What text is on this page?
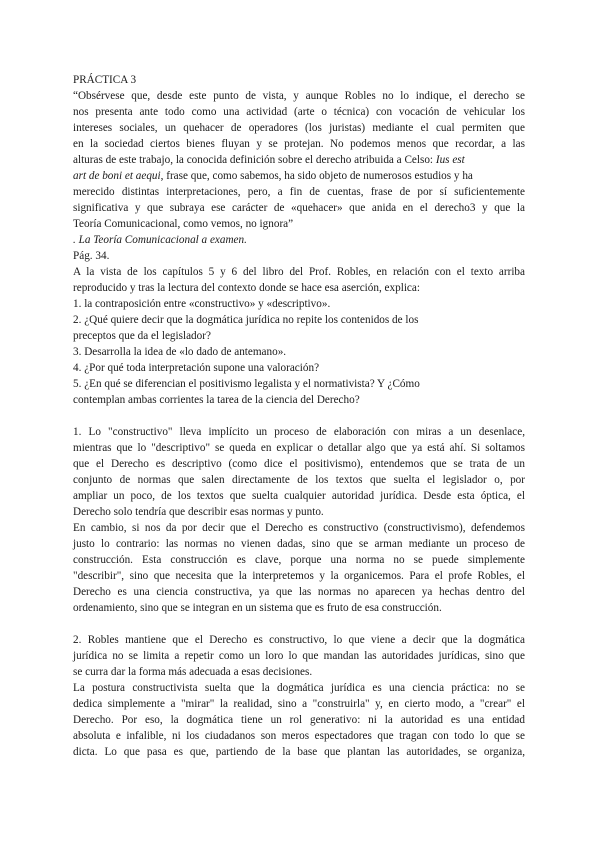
PRÁCTICA 3
“Obsérvese que, desde este punto de vista, y aunque Robles no lo indique, el derecho se
nos presenta ante todo como una actividad (arte o técnica) con vocación de vehicular los
intereses sociales, un quehacer de operadores (los juristas) mediante el cual permiten que
en la sociedad ciertos bienes fluyan y se protejan. No podemos menos que recordar, a las
alturas de este trabajo, la conocida definición sobre el derecho atribuida a Celso: Ius est
art de boni et aequi, frase que, como sabemos, ha sido objeto de numerosos estudios y ha
merecido distintas interpretaciones, pero, a fin de cuentas, frase de por sí suficientemente
significativa y que subraya ese carácter de «quehacer» que anida en el derecho3 y que la
Teoría Comunicacional, como vemos, no ignora”
. La Teoría Comunicacional a examen.
Pág. 34.
A la vista de los capítulos 5 y 6 del libro del Prof. Robles, en relación con el texto arriba
reproducido y tras la lectura del contexto donde se hace esa aserción, explica:
1. la contraposición entre «constructivo» y «descriptivo».
2. ¿Qué quiere decir que la dogmática jurídica no repite los contenidos de los
preceptos que da el legislador?
3. Desarrolla la idea de «lo dado de antemano».
4. ¿Por qué toda interpretación supone una valoración?
5. ¿En qué se diferencian el positivismo legalista y el normativista? Y ¿Cómo
contemplan ambas corrientes la tarea de la ciencia del Derecho?
1. Lo "constructivo" lleva implícito un proceso de elaboración con miras a un desenlace,
mientras que lo "descriptivo" se queda en explicar o detallar algo que ya está ahí. Si soltamos
que el Derecho es descriptivo (como dice el positivismo), entendemos que se trata de un
conjunto de normas que salen directamente de los textos que suelta el legislador o, por
ampliar un poco, de los textos que suelta cualquier autoridad jurídica. Desde esta óptica, el
Derecho solo tendría que describir esas normas y punto.
En cambio, si nos da por decir que el Derecho es constructivo (constructivismo), defendemos
justo lo contrario: las normas no vienen dadas, sino que se arman mediante un proceso de
construcción. Esta construcción es clave, porque una norma no se puede simplemente
"describir", sino que necesita que la interpretemos y la organicemos. Para el profe Robles, el
Derecho es una ciencia constructiva, ya que las normas no aparecen ya hechas dentro del
ordenamiento, sino que se integran en un sistema que es fruto de esa construcción.
2. Robles mantiene que el Derecho es constructivo, lo que viene a decir que la dogmática
jurídica no se limita a repetir como un loro lo que mandan las autoridades jurídicas, sino que
se curra dar la forma más adecuada a esas decisiones.
La postura constructivista suelta que la dogmática jurídica es una ciencia práctica: no se
dedica simplemente a "mirar" la realidad, sino a "construirla" y, en cierto modo, a "crear" el
Derecho. Por eso, la dogmática tiene un rol generativo: ni la autoridad es una entidad
absoluta e infalible, ni los ciudadanos son meros espectadores que tragan con todo lo que se
dicta. Lo que pasa es que, partiendo de la base que plantan las autoridades, se organiza,
